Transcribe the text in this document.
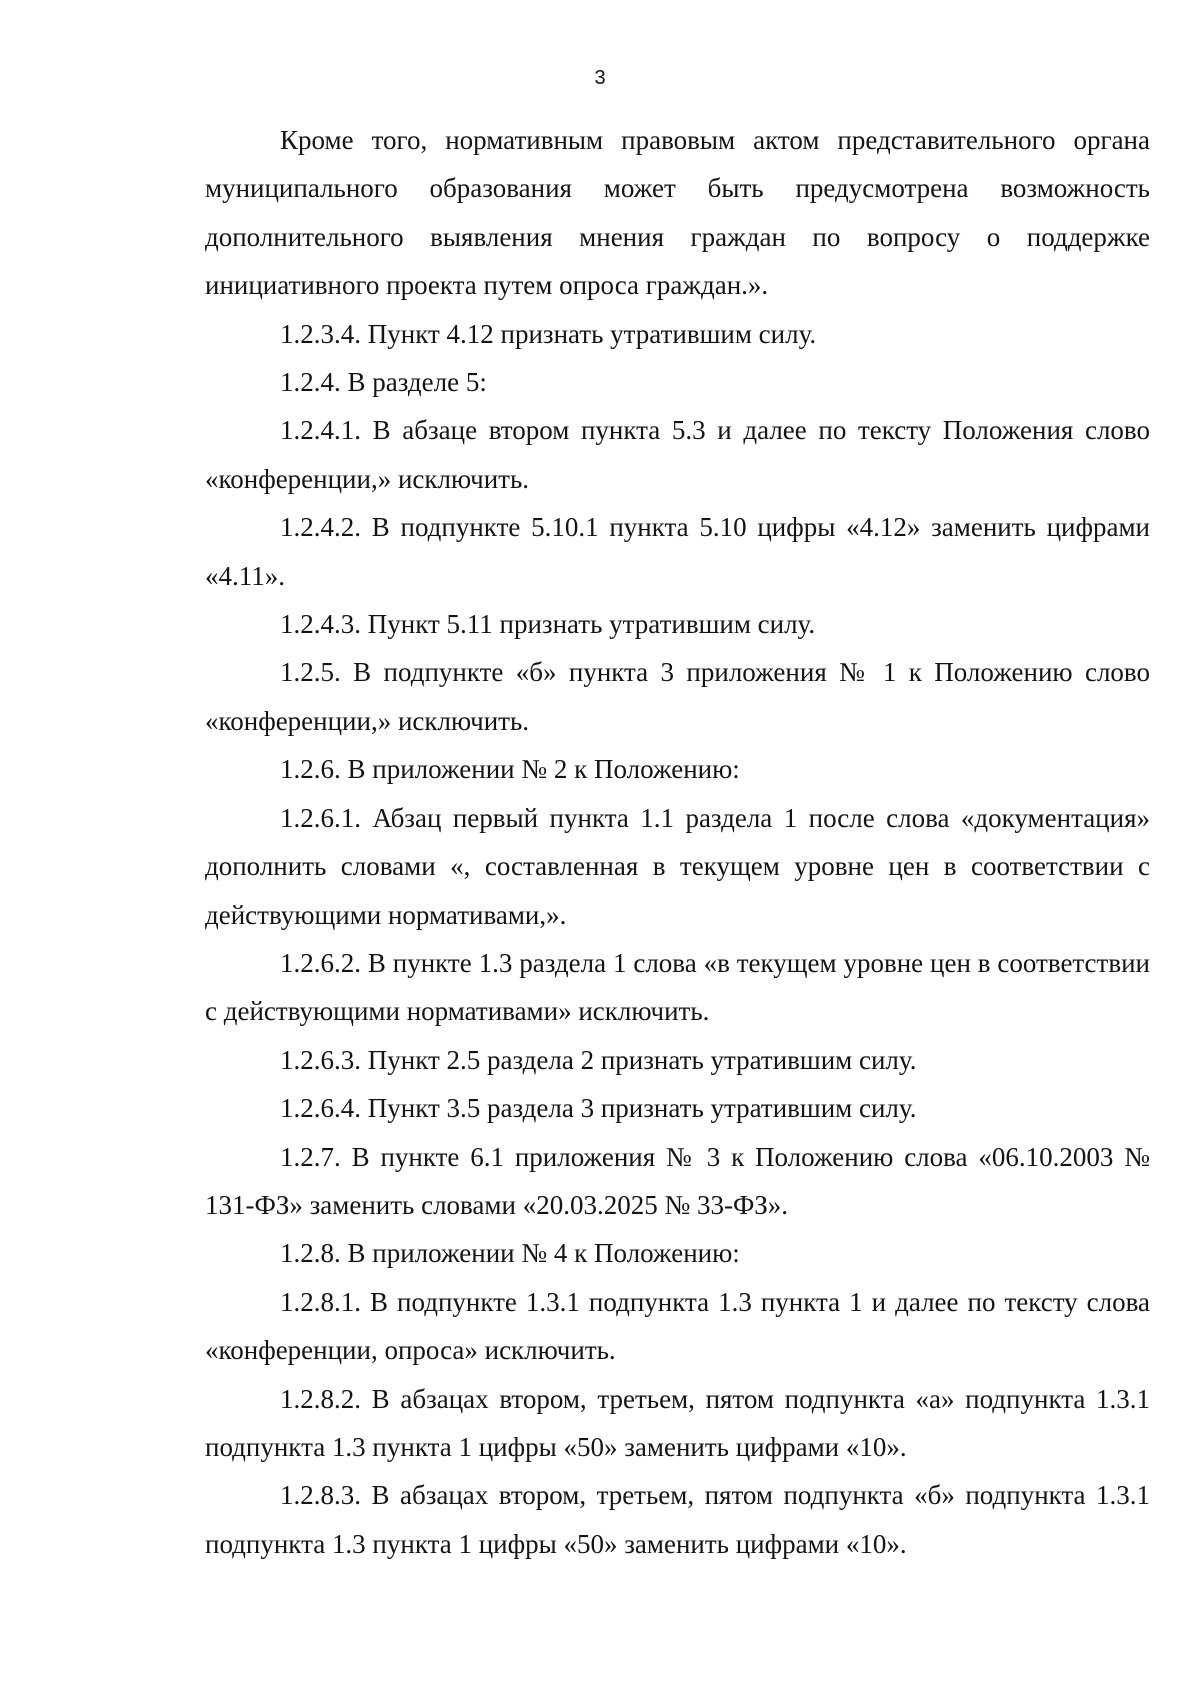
3

Кроме того, нормативным правовым актом представительного органа муниципального образования может быть предусмотрена возможность дополнительного выявления мнения граждан по вопросу о поддержке инициативного проекта путем опроса граждан.».

1.2.3.4. Пункт 4.12 признать утратившим силу.

1.2.4. В разделе 5:

1.2.4.1. В абзаце втором пункта 5.3 и далее по тексту Положения слово «конференции,» исключить.

1.2.4.2. В подпункте 5.10.1 пункта 5.10 цифры «4.12» заменить цифрами «4.11».

1.2.4.3. Пункт 5.11 признать утратившим силу.

1.2.5. В подпункте «б» пункта 3 приложения № 1 к Положению слово «конференции,» исключить.

1.2.6. В приложении № 2 к Положению:

1.2.6.1. Абзац первый пункта 1.1 раздела 1 после слова «документация» дополнить словами «, составленная в текущем уровне цен в соответствии с действующими нормативами,».

1.2.6.2. В пункте 1.3 раздела 1 слова «в текущем уровне цен в соответствии с действующими нормативами» исключить.

1.2.6.3. Пункт 2.5 раздела 2 признать утратившим силу.

1.2.6.4. Пункт 3.5 раздела 3 признать утратившим силу.

1.2.7. В пункте 6.1 приложения № 3 к Положению слова «06.10.2003 № 131-ФЗ» заменить словами «20.03.2025 № 33-ФЗ».

1.2.8. В приложении № 4 к Положению:

1.2.8.1. В подпункте 1.3.1 подпункта 1.3 пункта 1 и далее по тексту слова «конференции, опроса» исключить.

1.2.8.2. В абзацах втором, третьем, пятом подпункта «а» подпункта 1.3.1 подпункта 1.3 пункта 1 цифры «50» заменить цифрами «10».

1.2.8.3. В абзацах втором, третьем, пятом подпункта «б» подпункта 1.3.1 подпункта 1.3 пункта 1 цифры «50» заменить цифрами «10».
